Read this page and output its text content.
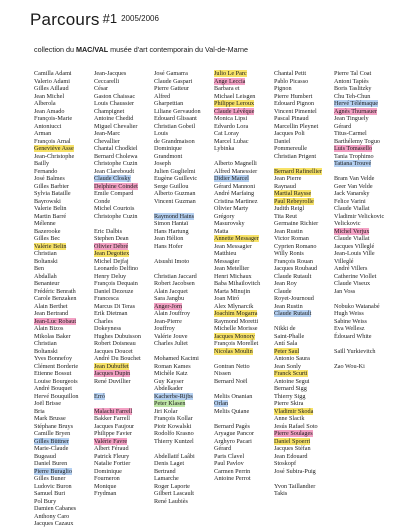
Parcours #1 2005/2006
collection du MAC/VAL musée d'art contemporain du Val-de-Marne
Camilla Adami
Valerio Adami
Gilles Aillaud
Jean Michel
Alberola
Jean Amado
François-Marie
Antoniucci
Arman
François Arnal
Geneviève Asse
Jean-Christophe
Bailly
Fernando
José Balmes
Gilles Barbier
Sylvia Bataille
Bayrowski
Valerie Belin
Martin Barré
Mélenne
Bazerooke
Gilles Bec
Valérie Belin
Christian
Boltanski
Ben
Abdallah
Benanteur
Frédéric Benrath
Carole Benzaken
Alain Berthet
Jean Bertrand
Jean-Luc Robaut
Alain Bizos
Mikolas Baker
Christian
Boltanski
Yves Bonnefoy
Clément Borderie
Etienne Bossut
Louise Bourgeois
André Bouquet
Hervé Bouquillon
Joël Brisse
Bria
Mark Brusse
Stéphane Bruys
Camille Bryen
Gilles Büttner
Marie-Claude
Bugeaud
Daniel Buren
Pierre Buraglio
Gilles Buner
Ludovic Buron
Samuel Buri
Pol Bury
Damien Cabanes
Anthony Caro
Jacques Cazaux
Jean-Jacques
Ceccarelli
César
Gaston Chaissac
Louis Chaussier
Champignet
Antoine Chedid
Miguel Chevalier
Jean-Marc
Chevallier
Chantal Chodkiel
Bernard Cholewa
Christophe Cuzin
Jean Clareboudt
Claude Closky
Delphine Coindet
Emile Compard
Conde
Michel Courtois
Christophe Cuzin
Eric Dalbis
Stephen Dean
Olivier Débré
Jean Degottex
Michel Dejfaj
Leonardo Delfino
Henry Deluy
François Dequain
Daniel Dezeuze
Francesca
Marcus Di Teras
Erik Dietman
Charles
Dokeyness
Hughes Dubuisson
Robert Doisneau
Jacques Doucet
André Du Bouchet
Jean Dubuffet
Jacques Dupin
René Duvillier
Erró
Malachi Farrell
Bakker Farrell
Jacques Faujour
Philippe Favier
Valérie Favre
Albert Féraud
Patrick Fleury
Natalie Fortier
Dominique
Fourneron
Monique
Frydman
José Gamarra
Claude Gaspari
Pierre Gatteur
Alfred
Gharpettian
Liliane Gervaudon
Edouard Glissant
Christian Gobeil
Louis
de Grandmaison
Dominique
Grandmont
Joseph
Julien Guglielmi
Eugène Guillevic
Serge Guillou
Alberto Guzman
Vincent Guzman
Raymond Hains
Simon Hantaï
Hans Hartung
Jean Hélion
Hans Hofer
Atsushi Imoto
Christian Jaccard
Robert Jacobsen
Alain Jacquet
Sara Jangbu
Anger-Jorn
Alain Jouffroy
Jean-Pierre
Jouffroy
Valérie Jouve
Charles Juliet
Mohamed Kacimi
Roman Kames
Michèle Katz
Guy Kayser
Abdelkader
Kacherbe-Rijbs
Peter Klasen
Jiri Kolar
François Kollar
Piotr Kowalski
Rodolfo Krasno
Thierry Kuntzel
Abdellatif Laâbi
Denis Laget
Bertrand
Lamarche
Roger Laporte
Gilbert Lascault
René Laubiès
Julio Le Parc
Ange Leccia
Barbara et
Michael Leisgen
Philippe Leroux
Claude Lévêque
Monica Lipsi
Edvardo Lora
Cat Loray
Marcel Lubac
Lybinka
Alberto Magnelli
Alfred Manessier
Didier Marcel
Gérard Mannoni
André Marfaing
Cristina Martinez
Olivier Marty
Grégory
Masurovsky
Matta
Annette Messager
Jean Messagier
Matthieu
Messagier
Jean Metellier
Henri Michaux
Baba Mihailovitch
Marta Minujin
Joan Miró
Alex Mlynarcik
Joachim Mogarra
Raymond Moretti
Michelle Morisse
Jacques Monory
François Morellet
Nicolas Moulin
Gontran Netto
Nissen
Bernard Noël
Meliis Onanian
Orlan
Meliis Quiane
Bernard Pagès
Aryague Pancor
Arghyro Pacari
Gérard
Paris Clavel
Paul Pavlov
Carmen Perrin
Antoine Perrot
Chantal Petit
Pablo Picasso
Pignon
Pierre Humbert
Edouard Pignon
Vincent Pimentel
Pascal Pinaud
Marcellin Pleynet
Jacques Poli
Daniel
Pommereulle
Christian Prigent
Bernard Rafinellier
Jean Pierre
Raynaud
Martial Raysse
Paul Rebeyrolle
Judith Reigl
Tita Reut
Germaine Richier
Jean Rustin
Victor Roman
Cyprien Romano
Willy Ronis
François Rouan
Jacques Roubaud
Claude Rutault
Jean Roy
Claude
Royet-Journoud
Jean Rustin
Claude Rutault
Nikki de
Saint-Phalle
Antí Sala
Peter Saul
Antonio Saura
Jean Sonly
Franck Scurti
Antoine Segui
Bernard Sigg
Thierry Sigg
Pierre Skira
Vladimir Skoda
Anne Slacik
Jesús Rafael Soto
Pierre Soulages
Daniel Spoerri
Jacques Stéfan
Jean Edouard
Stoskopf
José Subira-Puig
Yvon Taillandier
Takis
Pierre Tal Coat
Antoni Tapiès
Boris Taslitzky
Chu Teh-Chun
Hervé Télémaque
Agnès Thurnauer
Jean Tinguely
Gérard
Titus-Carmel
Barthélemy Toguo
Luis Tomasello
Tania Trophimo
Tatiana Trouvé
Bram Van Velde
Geer Van Velde
Jack Vanarsky
Felice Varini
Claude Viallat
Vladimir Velickovic
Velickovic
Michel Verjux
Claude Viallat
Jacques Villeglé
Jean-Louis Ville
Villeglé
André Villers
Catherine Viollet
Claude Viseux
Jan Voss
Nobuko Watanabé
Hugh Weiss
Sabine Weiss
Eva Wellesz
Édouard White
Saïll Yurkievitch
Zao Wou-Ki
